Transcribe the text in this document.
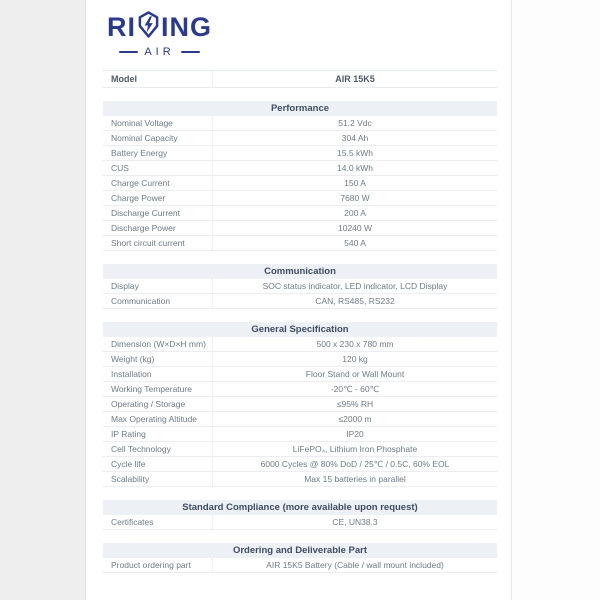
RI ING
AIR
Model	AIR 15K5
Performance
Nominal Voltage	51.2 Vdc
Nominal Capacity	304 Ah
Battery Energy	15.5 kWh
CUS	14.0 kWh
Charge Current	150 A
Charge Power	7680 W
Discharge Current	200 A
Discharge Power	10240 W
Short circuit current	540 A
Communication
Display	SOC status indicator, LED indicator, LCD Display
Communication	CAN, RS485, RS232
General Specification
Dimension (W×D×H mm)	500 x 230 x 780 mm
Weight (kg)	120 kg
Installation	Floor Stand or Wall Mount
Working Temperature	-20℃ - 60℃
Operating / Storage	≤95% RH
Max Operating Altitude	≤2000 m
IP Rating	IP20
Cell Technology	LiFePO₄, Lithium Iron Phosphate
Cycle life	6000 Cycles @ 80% DoD / 25℃ / 0.5C, 60% EOL
Scalability	Max 15 batteries in parallel
Standard Compliance (more available upon request)
Certificates	CE, UN38.3
Ordering and Deliverable Part
Product ordering part	AIR 15K5 Battery (Cable / wall mount included)
